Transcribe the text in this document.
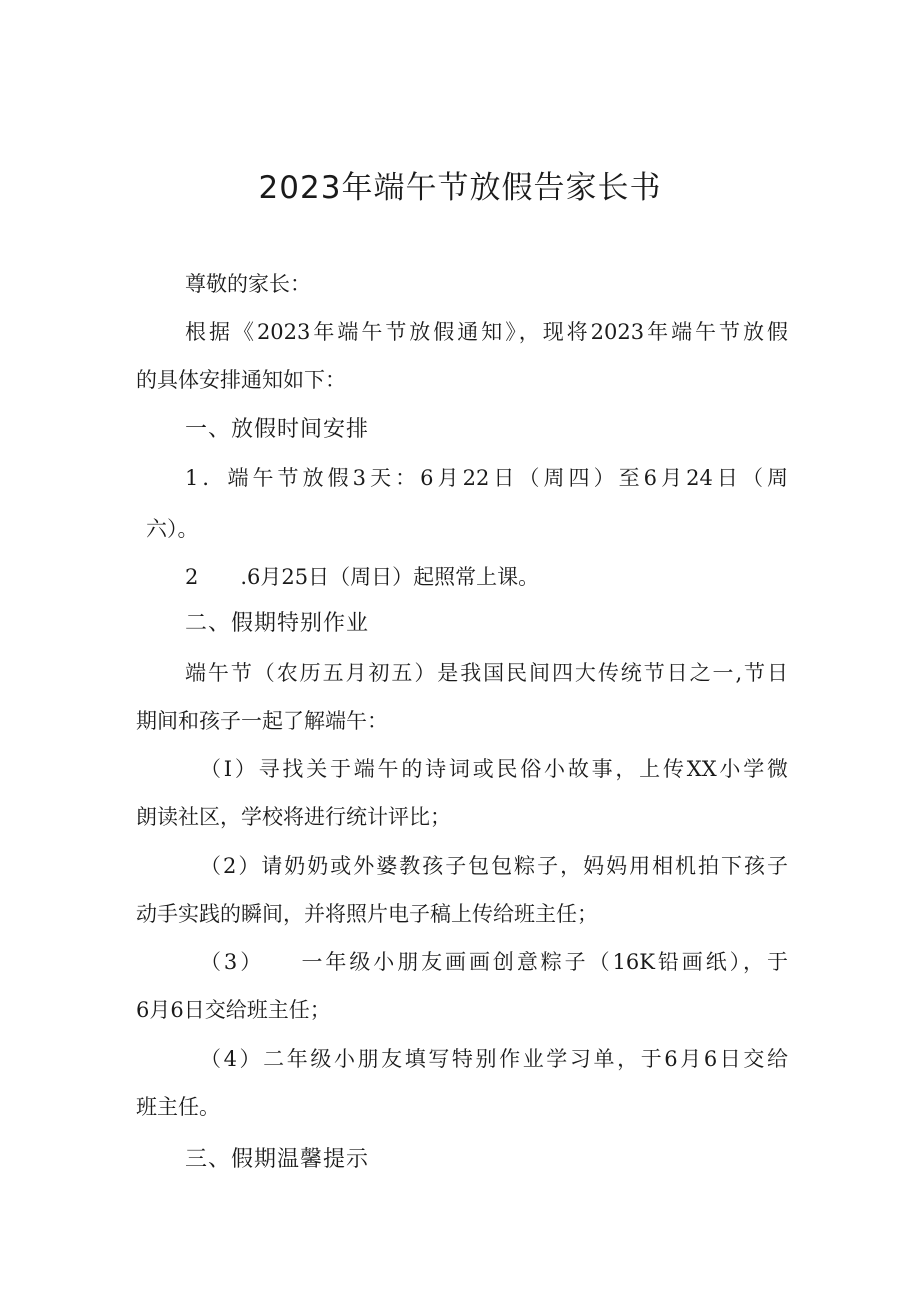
2023年端午节放假告家长书

尊敬的家长：

根据《2023年端午节放假通知》，现将2023年端午节放假

的具体安排通知如下：

一、放假时间安排

1．端午节放假3天：6月22日（周四）至6月24日（周

六）。

2　　.6月25日（周日）起照常上课。

二、假期特别作业

端午节（农历五月初五）是我国民间四大传统节日之一,节日

期间和孩子一起了解端午：

（I）寻找关于端午的诗词或民俗小故事，上传XX小学微

朗读社区，学校将进行统计评比；

（2）请奶奶或外婆教孩子包包粽子，妈妈用相机拍下孩子

动手实践的瞬间，并将照片电子稿上传给班主任；

（3）　　一年级小朋友画画创意粽子（16K铅画纸），于

6月6日交给班主任；

（4）二年级小朋友填写特别作业学习单，于6月6日交给

班主任。

三、假期温馨提示
